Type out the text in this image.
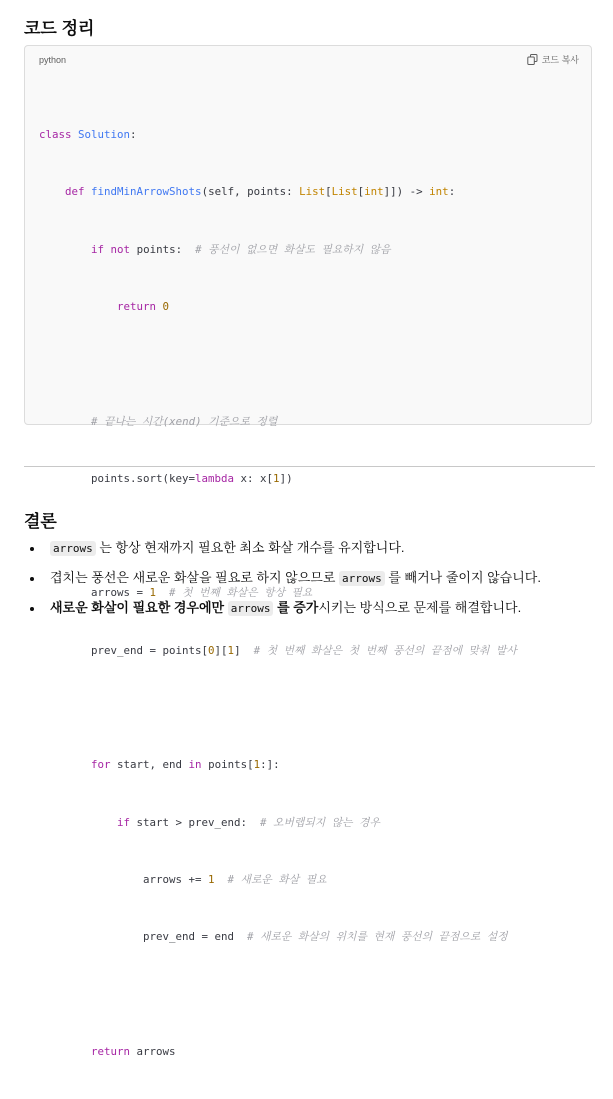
코드 정리
python	코드 복사

class Solution:

def findMinArrowShots(self, points: List[List[int]]) -> int:

if not points:  # 풍선이 없으면 화살도 필요하지 않음

return 0

# 끝나는 시간(xend) 기준으로 정렬

points.sort(key=lambda x: x[1])

arrows = 1 # 첫 번째 화살은 항상 필요

prev_end = points[0][1]  # 첫 번째 화살은 첫 번째 풍선의 끝점에 맞춰 발사

for start, end in points[1:]:

if start > prev_end:  # 오버랩되지 않는 경우

arrows += 1 # 새로운 화살 필요

prev_end = end  # 새로운 화살의 위치를 현재 풍선의 끝점으로 설정

return arrows

결론
arrows 는 항상 현재까지 필요한 최소 화살 개수를 유지합니다.
겹치는 풍선은 새로운 화살을 필요로 하지 않으므로 arrows 를 빼거나 줄이지 않습니다.
새로운 화살이 필요한 경우에만 arrows 를 증가시키는 방식으로 문제를 해결합니다.
